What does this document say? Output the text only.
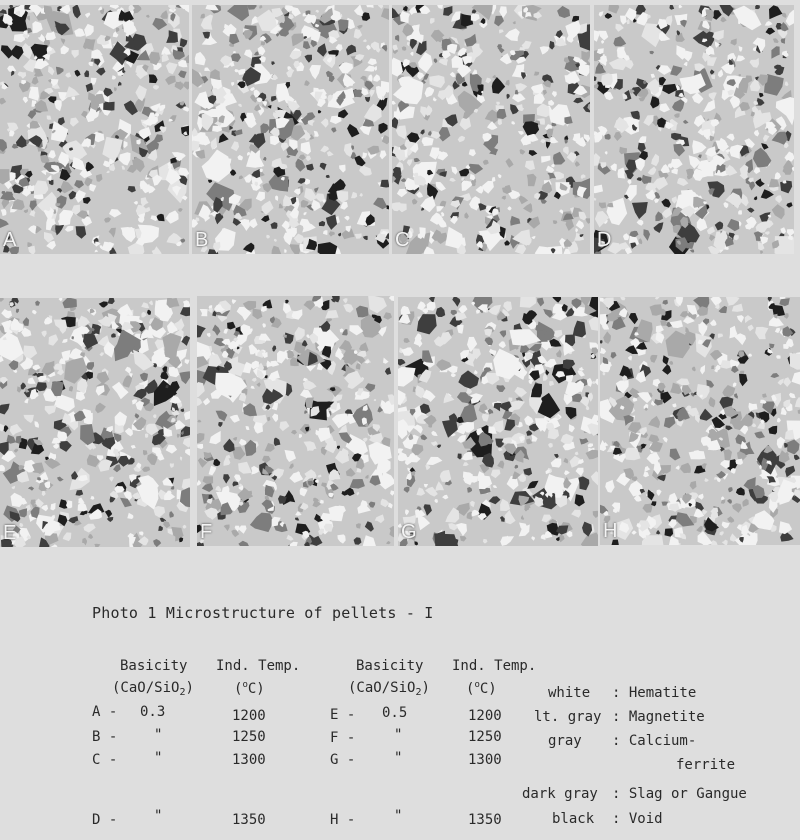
A	B	C	D
E	F	G	H
Photo 1 Microstructure of pellets - I
Basicity
(CaO/SiO$_2$)
Ind. Temp.
($^o$C)
Basicity
(CaO/SiO$_2$)
Ind. Temp.
($^o$C)
A - 0.3	1200
B -	"	1250
C -	"	1300
D -	"	1350
E - 0.5	1200
F -	"	1250
G -	"	1300
H -	"	1350
white : Hematite
lt. gray : Magnetite
gray : Calcium-
ferrite
dark gray : Slag or Gangue
black : Void
